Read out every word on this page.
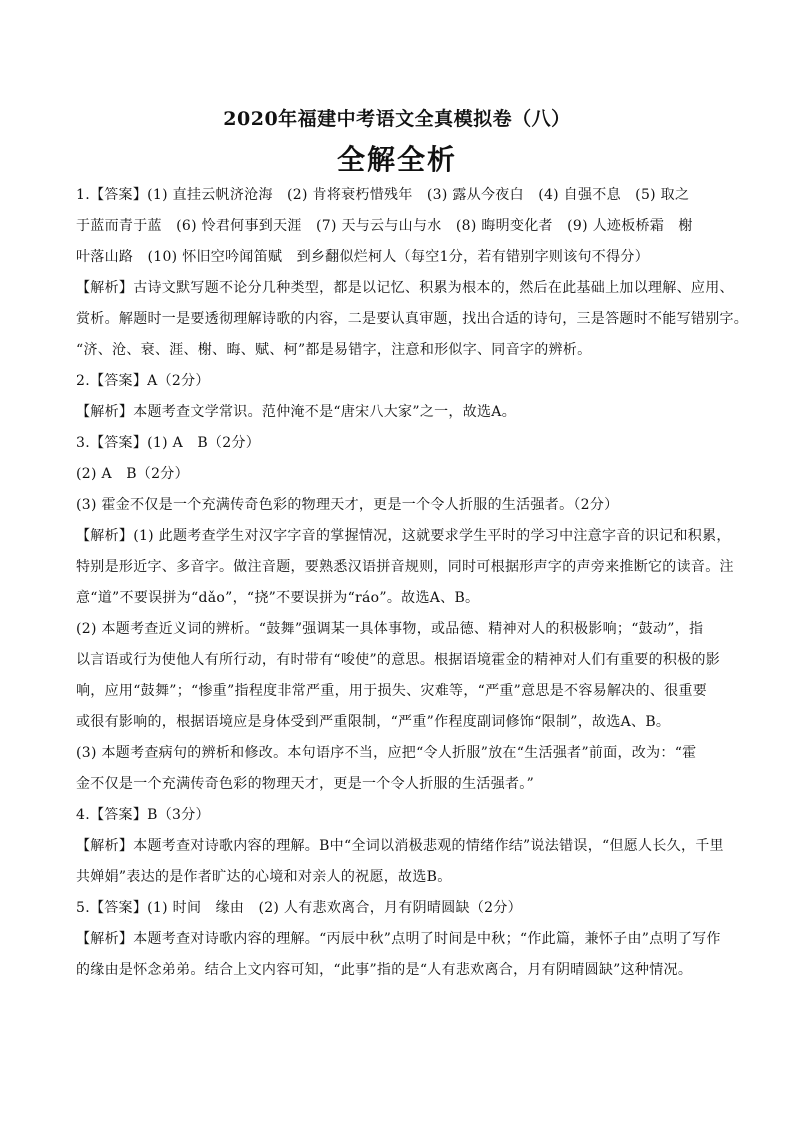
2020年福建中考语文全真模拟卷（八）
全解全析
1.【答案】(1) 直挂云帆济沧海　(2) 肯将衰朽惜残年　(3) 露从今夜白　(4) 自强不息　(5) 取之
于蓝而青于蓝　(6) 怜君何事到天涯　(7) 天与云与山与水　(8) 晦明变化者　(9) 人迹板桥霜　榭
叶落山路　(10) 怀旧空吟闻笛赋　到乡翻似烂柯人（每空1分，若有错别字则该句不得分）
【解析】古诗文默写题不论分几种类型，都是以记忆、积累为根本的，然后在此基础上加以理解、应用、
赏析。解题时一是要透彻理解诗歌的内容，二是要认真审题，找出合适的诗句，三是答题时不能写错别字。
“济、沧、衰、涯、榭、晦、赋、柯”都是易错字，注意和形似字、同音字的辨析。
2.【答案】A（2分）
【解析】本题考查文学常识。范仲淹不是“唐宋八大家”之一，故选A。
3.【答案】(1) A　B（2分）
(2) A　B（2分）
(3) 霍金不仅是一个充满传奇色彩的物理天才，更是一个令人折服的生活强者。（2分）
【解析】(1) 此题考查学生对汉字字音的掌握情况，这就要求学生平时的学习中注意字音的识记和积累，
特别是形近字、多音字。做注音题，要熟悉汉语拼音规则，同时可根据形声字的声旁来推断它的读音。注
意“道”不要误拼为“dǎo”，“挠”不要误拼为“ráo”。故选A、B。
(2) 本题考查近义词的辨析。“鼓舞”强调某一具体事物，或品德、精神对人的积极影响；“鼓动”，指
以言语或行为使他人有所行动，有时带有“唆使”的意思。根据语境霍金的精神对人们有重要的积极的影
响，应用“鼓舞”；“惨重”指程度非常严重，用于损失、灾难等，“严重”意思是不容易解决的、很重要
或很有影响的，根据语境应是身体受到严重限制，“严重”作程度副词修饰“限制”，故选A、B。
(3) 本题考查病句的辨析和修改。本句语序不当，应把“令人折服”放在“生活强者”前面，改为：“霍
金不仅是一个充满传奇色彩的物理天才，更是一个令人折服的生活强者。”
4.【答案】B（3分）
【解析】本题考查对诗歌内容的理解。B中“全词以消极悲观的情绪作结”说法错误，“但愿人长久，千里
共婵娟”表达的是作者旷达的心境和对亲人的祝愿，故选B。
5.【答案】(1) 时间　缘由　(2) 人有悲欢离合，月有阴晴圆缺（2分）
【解析】本题考查对诗歌内容的理解。“丙辰中秋”点明了时间是中秋；“作此篇，兼怀子由”点明了写作
的缘由是怀念弟弟。结合上文内容可知，“此事”指的是“人有悲欢离合，月有阴晴圆缺”这种情况。
